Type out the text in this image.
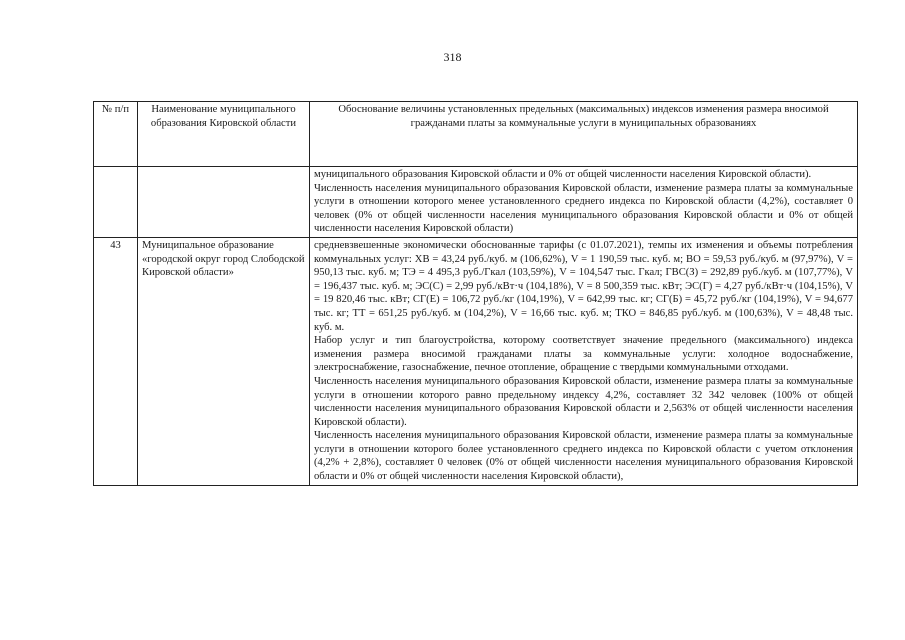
318
№ п/п	Наименование муниципального образования Кировской области	Обоснование величины установленных предельных (максимальных) индексов изменения размера вносимой гражданами платы за коммунальные услуги в муниципальных образованиях

		муниципального образования Кировской области и 0% от общей численности населения Кировской области).

Численность населения муниципального образования Кировской области, изменение размера платы за коммунальные услуги в отношении которого менее установленного среднего индекса по Кировской области (4,2%), составляет 0 человек (0% от общей численности населения муниципального образования Кировской области и 0% от общей численности населения Кировской области)

43	Муниципальное образование «городской округ город Слободской Кировской области»	средневзвешенные экономически обоснованные тарифы (с 01.07.2021), темпы их изменения и объемы потребления коммунальных услуг: ХВ = 43,24 руб./куб. м (106,62%), V = 1 190,59 тыс. куб. м; ВО = 59,53 руб./куб. м (97,97%), V = 950,13 тыс. куб. м; ТЭ = 4 495,3 руб./Гкал (103,59%), V = 104,547 тыс. Гкал; ГВС(З) = 292,89 руб./куб. м (107,77%), V = 196,437 тыс. куб. м; ЭС(С) = 2,99 руб./кВт·ч (104,18%), V = 8 500,359 тыс. кВт; ЭС(Г) = 4,27 руб./кВт·ч (104,15%), V = 19 820,46 тыс. кВт; СГ(Е) = 106,72 руб./кг (104,19%), V = 642,99 тыс. кг; СГ(Б) = 45,72 руб./кг (104,19%), V = 94,677 тыс. кг; ТТ = 651,25 руб./куб. м (104,2%), V = 16,66 тыс. куб. м; ТКО = 846,85 руб./куб. м (100,63%), V = 48,48 тыс. куб. м.

Набор услуг и тип благоустройства, которому соответствует значение предельного (максимального) индекса изменения размера вносимой гражданами платы за коммунальные услуги: холодное водоснабжение, электроснабжение, газоснабжение, печное отопление, обращение с твердыми коммунальными отходами.

Численность населения муниципального образования Кировской области, изменение размера платы за коммунальные услуги в отношении которого равно предельному индексу 4,2%, составляет 32 342 человек (100% от общей численности населения муниципального образования Кировской области и 2,563% от общей численности населения Кировской области).

Численность населения муниципального образования Кировской области, изменение размера платы за коммунальные услуги в отношении которого более установленного среднего индекса по Кировской области с учетом отклонения (4,2% + 2,8%), составляет 0 человек (0% от общей численности населения муниципального образования Кировской области и 0% от общей численности населения Кировской области),
